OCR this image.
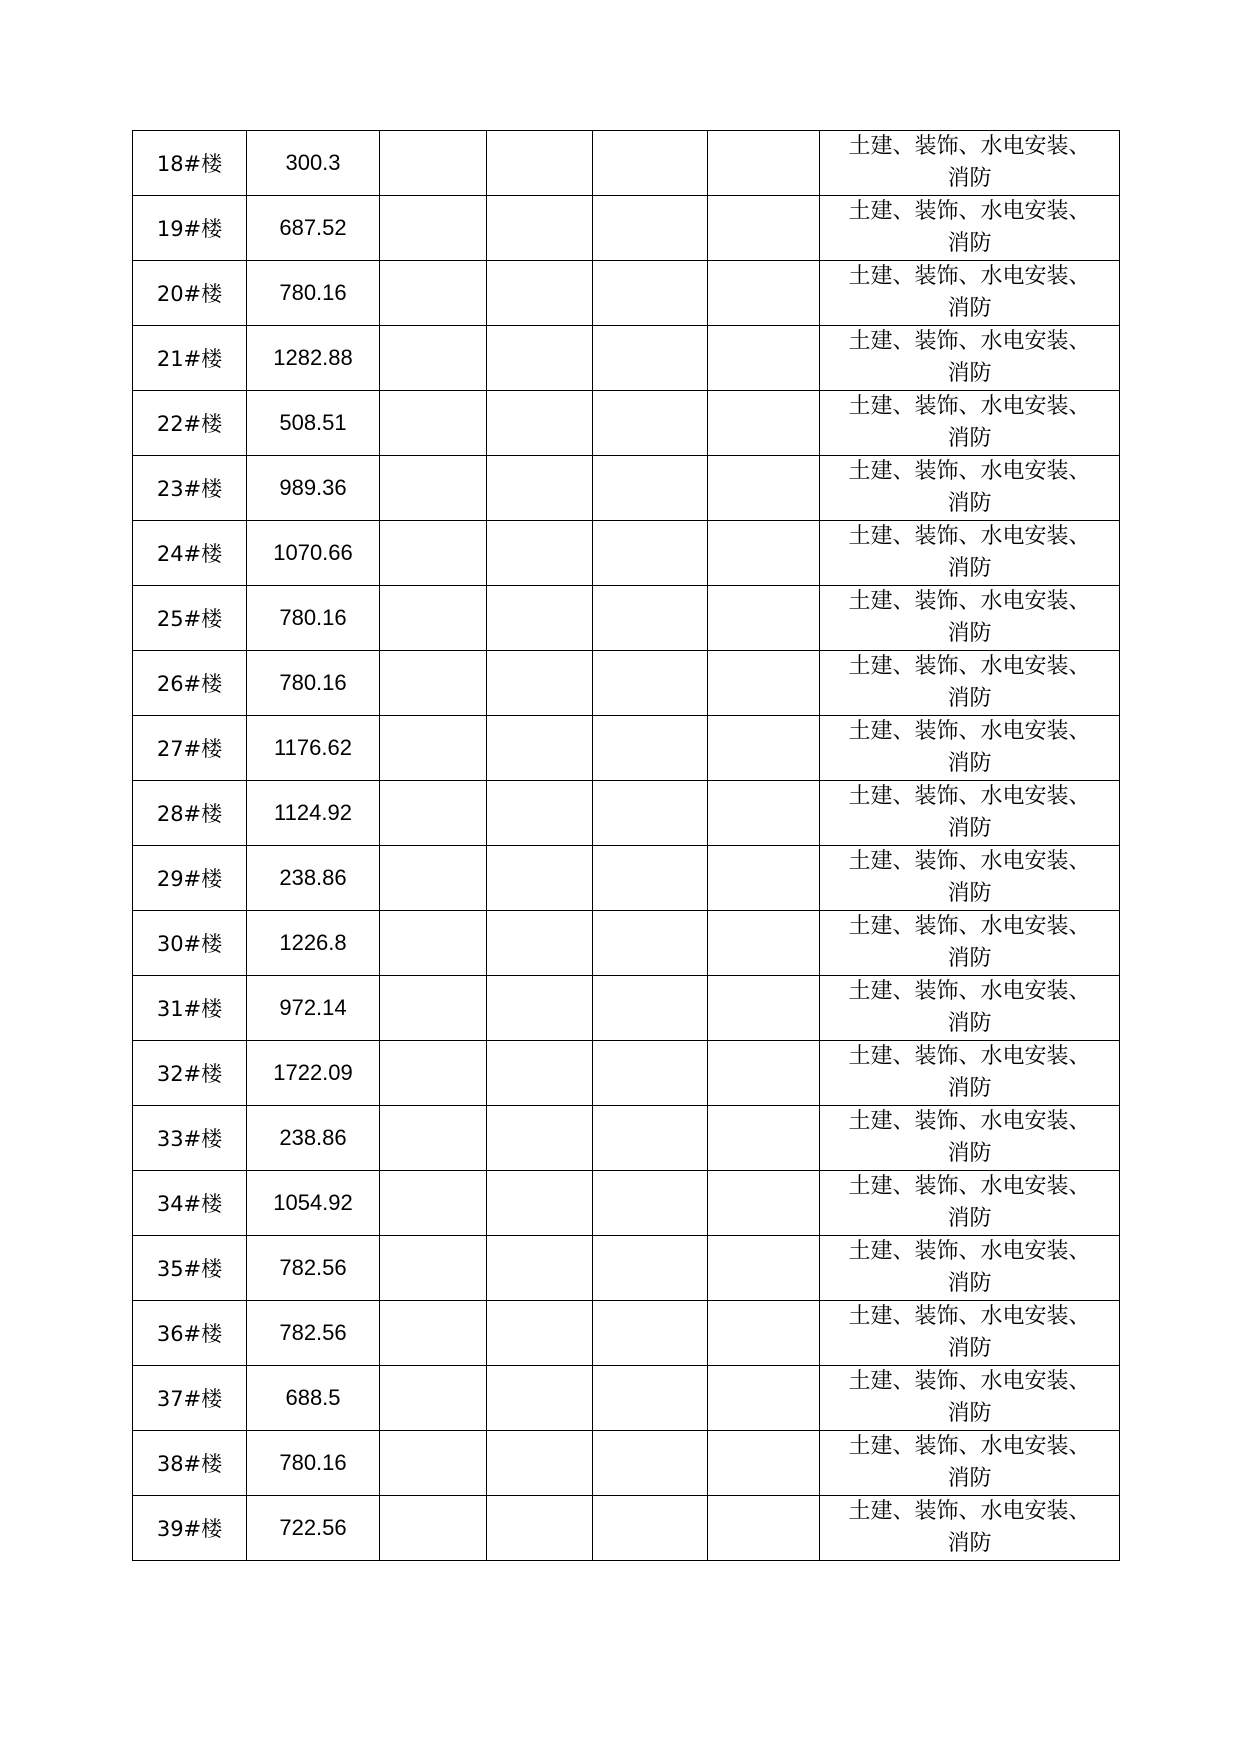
18#楼	300.3					土建、装饰、水电安装、
消防

19#楼	687.52					土建、装饰、水电安装、
消防

20#楼	780.16					土建、装饰、水电安装、
消防

21#楼	1282.88					土建、装饰、水电安装、
消防

22#楼	508.51					土建、装饰、水电安装、
消防

23#楼	989.36					土建、装饰、水电安装、
消防

24#楼	1070.66					土建、装饰、水电安装、
消防

25#楼	780.16					土建、装饰、水电安装、
消防

26#楼	780.16					土建、装饰、水电安装、
消防

27#楼	1176.62					土建、装饰、水电安装、
消防

28#楼	1124.92					土建、装饰、水电安装、
消防

29#楼	238.86					土建、装饰、水电安装、
消防

30#楼	1226.8					土建、装饰、水电安装、
消防

31#楼	972.14					土建、装饰、水电安装、
消防

32#楼	1722.09					土建、装饰、水电安装、
消防

33#楼	238.86					土建、装饰、水电安装、
消防

34#楼	1054.92					土建、装饰、水电安装、
消防

35#楼	782.56					土建、装饰、水电安装、
消防

36#楼	782.56					土建、装饰、水电安装、
消防

37#楼	688.5					土建、装饰、水电安装、
消防

38#楼	780.16					土建、装饰、水电安装、
消防

39#楼	722.56					土建、装饰、水电安装、
消防
